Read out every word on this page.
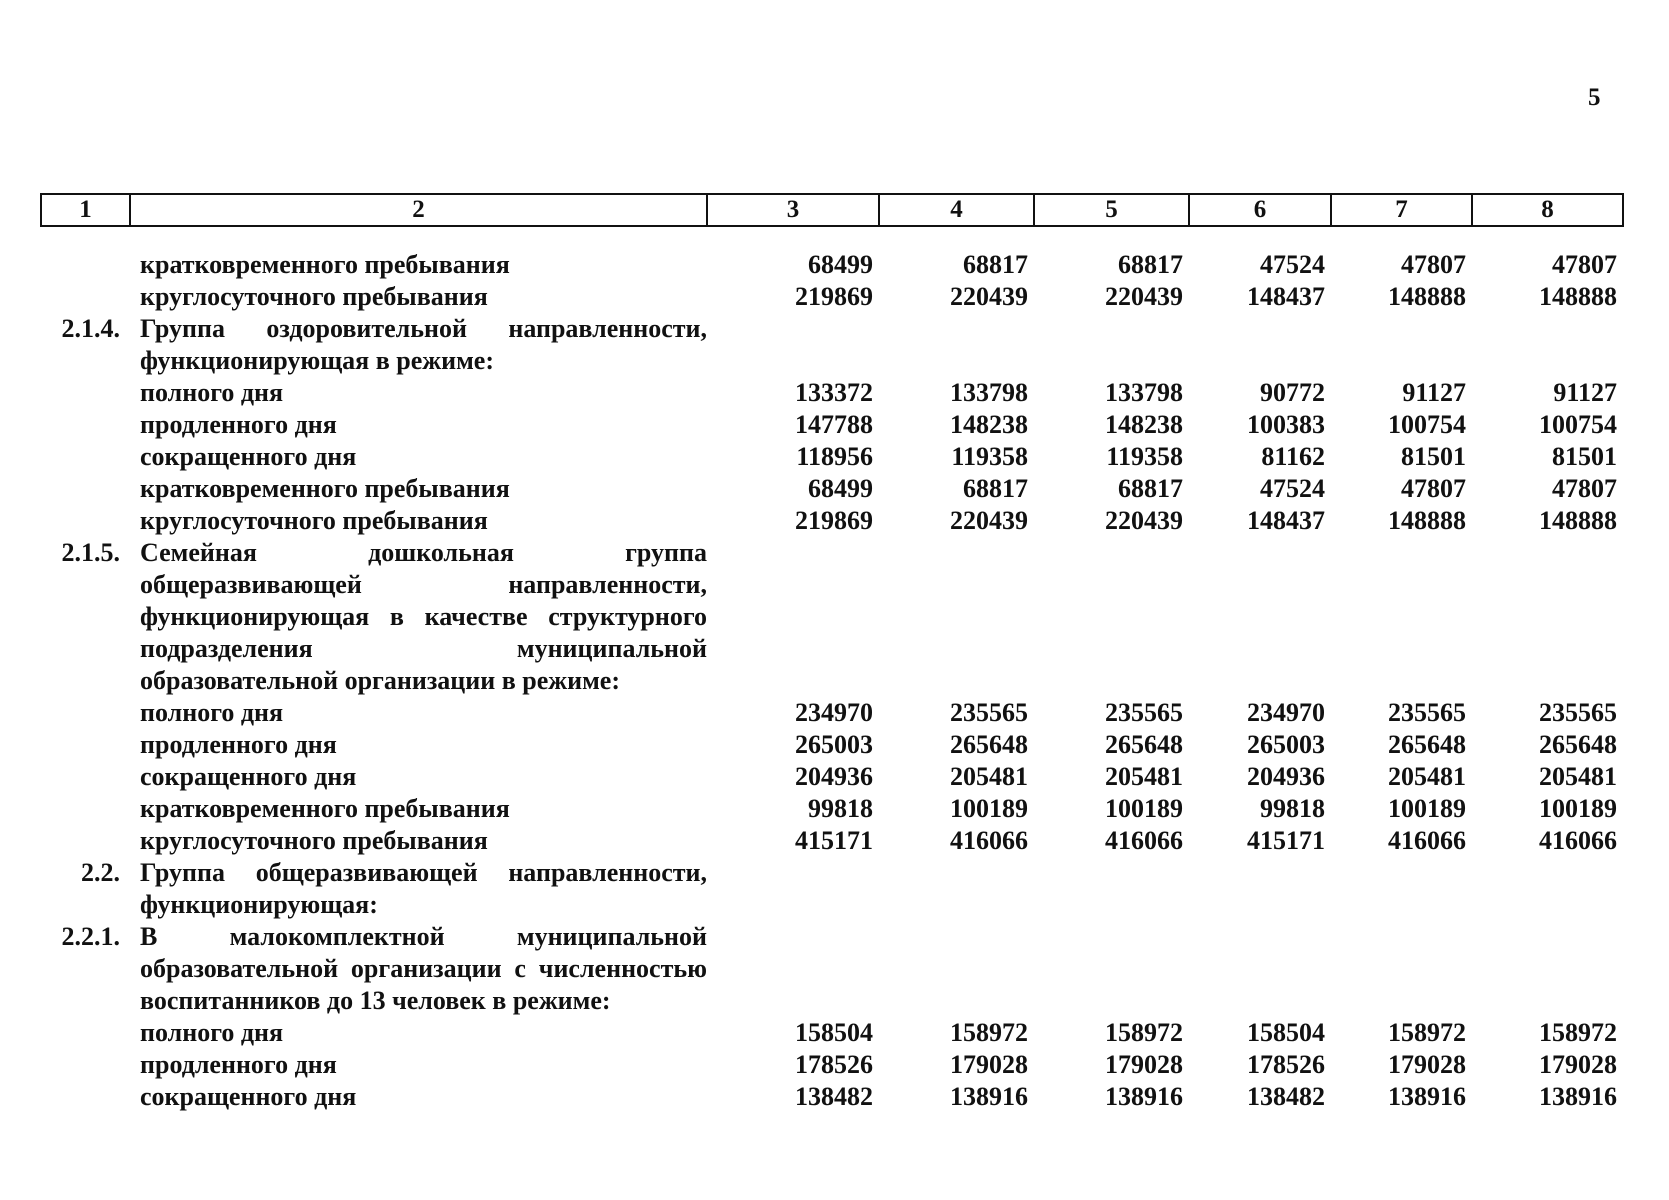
5
1	2	3	4	5	6	7	8

	кратковременного пребывания	68499	68817	68817	47524	47807	47807
	круглосуточного пребывания	219869	220439	220439	148437	148888	148888
2.1.4.	Группа оздоровительной направленности, функционирующая в режиме:						
	полного дня	133372	133798	133798	90772	91127	91127
	продленного дня	147788	148238	148238	100383	100754	100754
	сокращенного дня	118956	119358	119358	81162	81501	81501
	кратковременного пребывания	68499	68817	68817	47524	47807	47807
	круглосуточного пребывания	219869	220439	220439	148437	148888	148888
2.1.5.	Семейная дошкольная группа общеразвивающей направленности, функционирующая в качестве структурного подразделения муниципальной образовательной организации в режиме:						
	полного дня	234970	235565	235565	234970	235565	235565
	продленного дня	265003	265648	265648	265003	265648	265648
	сокращенного дня	204936	205481	205481	204936	205481	205481
	кратковременного пребывания	99818	100189	100189	99818	100189	100189
	круглосуточного пребывания	415171	416066	416066	415171	416066	416066
2.2.	Группа общеразвивающей направленности, функционирующая:						
2.2.1.	В малокомплектной муниципальной образовательной организации с численностью воспитанников до 13 человек в режиме:						
	полного дня	158504	158972	158972	158504	158972	158972
	продленного дня	178526	179028	179028	178526	179028	179028
	сокращенного дня	138482	138916	138916	138482	138916	138916
